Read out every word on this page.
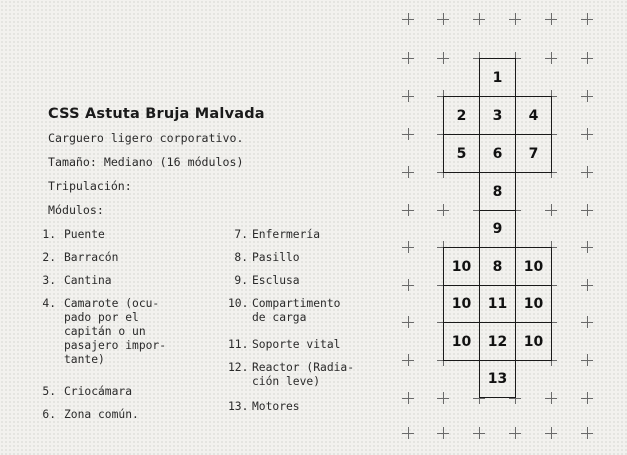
CSS Astuta Bruja Malvada
Carguero ligero corporativo.
Tamaño: Mediano (16 módulos)
Tripulación:
Módulos:
1. Puente
2. Barracón
3. Cantina
4. Camarote (ocu-
pado por el
capitán o un
pasajero impor-
tante)
5. Criocámara
6. Zona común.
7. Enfermería
8. Pasillo
9. Esclusa
10. Compartimento
de carga
11. Soporte vital
12. Reactor (Radia-
ción leve)
13. Motores
1
2	3	4
5	6	7
8
9
10	8	10
10	11	10
10	12	10
13
